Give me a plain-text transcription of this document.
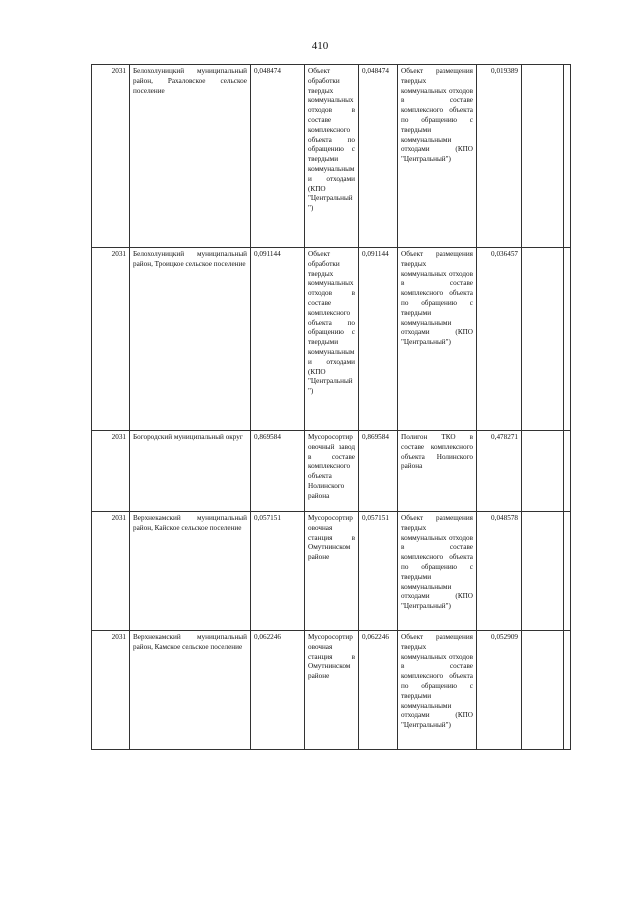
410
2031	Белохолуницкий муниципальный район, Рахаловское сельское поселение	0,048474	Объект обработки твердых коммунальных отходов в составе комплексного объекта по обращению с твердыми коммунальными отходами (КПО "Центральный")	0,048474	Объект размещения твердых коммунальных отходов в составе комплексного объекта по обращению с твердыми коммунальными отходами (КПО "Центральный")	0,019389		
2031	Белохолуницкий муниципальный район, Троицкое сельское поселение	0,091144	Объект обработки твердых коммунальных отходов в составе комплексного объекта по обращению с твердыми коммунальными отходами (КПО "Центральный")	0,091144	Объект размещения твердых коммунальных отходов в составе комплексного объекта по обращению с твердыми коммунальными отходами (КПО "Центральный")	0,036457		
2031	Богородский муниципальный округ	0,869584	Мусоросортировочный завод в составе комплексного объекта Нолинского района	0,869584	Полигон ТКО в составе комплексного объекта Нолинского района	0,478271		
2031	Верхнекамский муниципальный район, Кайское сельское поселение	0,057151	Мусоросортировочная станция в Омутнинском районе	0,057151	Объект размещения твердых коммунальных отходов в составе комплексного объекта по обращению с твердыми коммунальными отходами (КПО "Центральный")	0,048578		
2031	Верхнекамский муниципальный район, Камское сельское поселение	0,062246	Мусоросортировочная станция в Омутнинском районе	0,062246	Объект размещения твердых коммунальных отходов в составе комплексного объекта по обращению с твердыми коммунальными отходами (КПО "Центральный")	0,052909		
